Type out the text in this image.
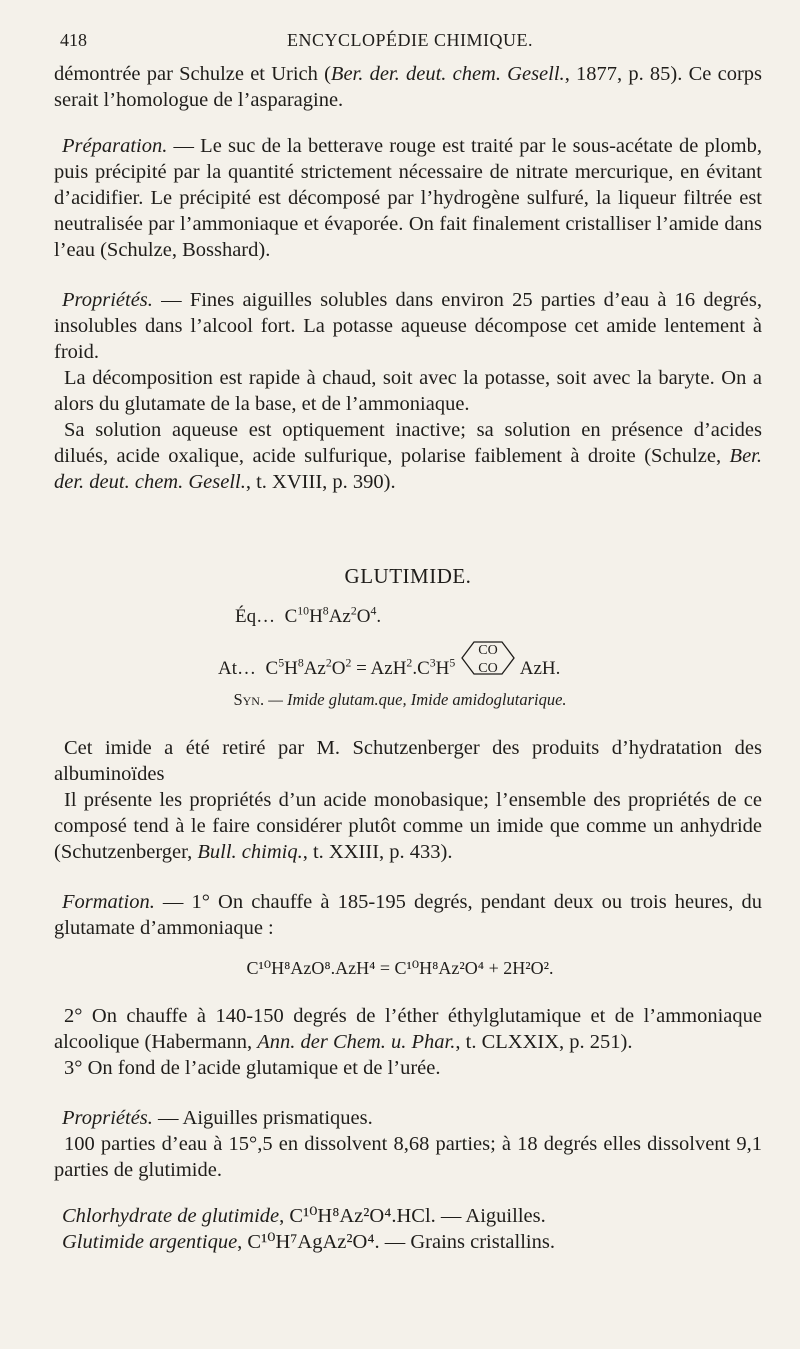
418	ENCYCLOPÉDIE CHIMIQUE.

démontrée par Schulze et Urich (Ber. der. deut. chem. Gesell., 1877, p. 85). Ce corps serait l’homologue de l’asparagine.

Préparation. — Le suc de la betterave rouge est traité par le sous-acétate de plomb, puis précipité par la quantité strictement nécessaire de nitrate mercurique, en évitant d’acidifier. Le précipité est décomposé par l’hydrogène sulfuré, la liqueur filtrée est neutralisée par l’ammoniaque et évaporée. On fait finalement cristalliser l’amide dans l’eau (Schulze, Bosshard).

Propriétés. — Fines aiguilles solubles dans environ 25 parties d’eau à 16 degrés, insolubles dans l’alcool fort. La potasse aqueuse décompose cet amide lentement à froid.

La décomposition est rapide à chaud, soit avec la potasse, soit avec la baryte. On a alors du glutamate de la base, et de l’ammoniaque.

Sa solution aqueuse est optiquement inactive; sa solution en présence d’acides dilués, acide oxalique, acide sulfurique, polarise faiblement à droite (Schulze, Ber. der. deut. chem. Gesell., t. XVIII, p. 390).

GLUTIMIDE.

Éq… $C^{10}H^8Az^2O^4$.
At… $C^5H^8Az^2O^2 = AzH^2.C^3H^5$
CO
CO AzH.
Syn. — Imide glutam.que, Imide amidoglutarique.

Cet imide a été retiré par M. Schutzenberger des produits d’hydratation des albuminoïdes

Il présente les propriétés d’un acide monobasique; l’ensemble des propriétés de ce composé tend à le faire considérer plutôt comme un imide que comme un anhydride (Schutzenberger, Bull. chimiq., t. XXIII, p. 433).

Formation. — 1° On chauffe à 185-195 degrés, pendant deux ou trois heures, du glutamate d’ammoniaque :

C¹⁰H⁸AzO⁸.AzH⁴ = C¹⁰H⁸Az²O⁴ + 2H²O².

2° On chauffe à 140-150 degrés de l’éther éthylglutamique et de l’ammoniaque alcoolique (Habermann, Ann. der Chem. u. Phar., t. CLXXIX, p. 251).

3° On fond de l’acide glutamique et de l’urée.

Propriétés. — Aiguilles prismatiques.

100 parties d’eau à 15°,5 en dissolvent 8,68 parties; à 18 degrés elles dissolvent 9,1 parties de glutimide.

Chlorhydrate de glutimide, C¹⁰H⁸Az²O⁴.HCl. — Aiguilles.

Glutimide argentique, C¹⁰H⁷AgAz²O⁴. — Grains cristallins.
